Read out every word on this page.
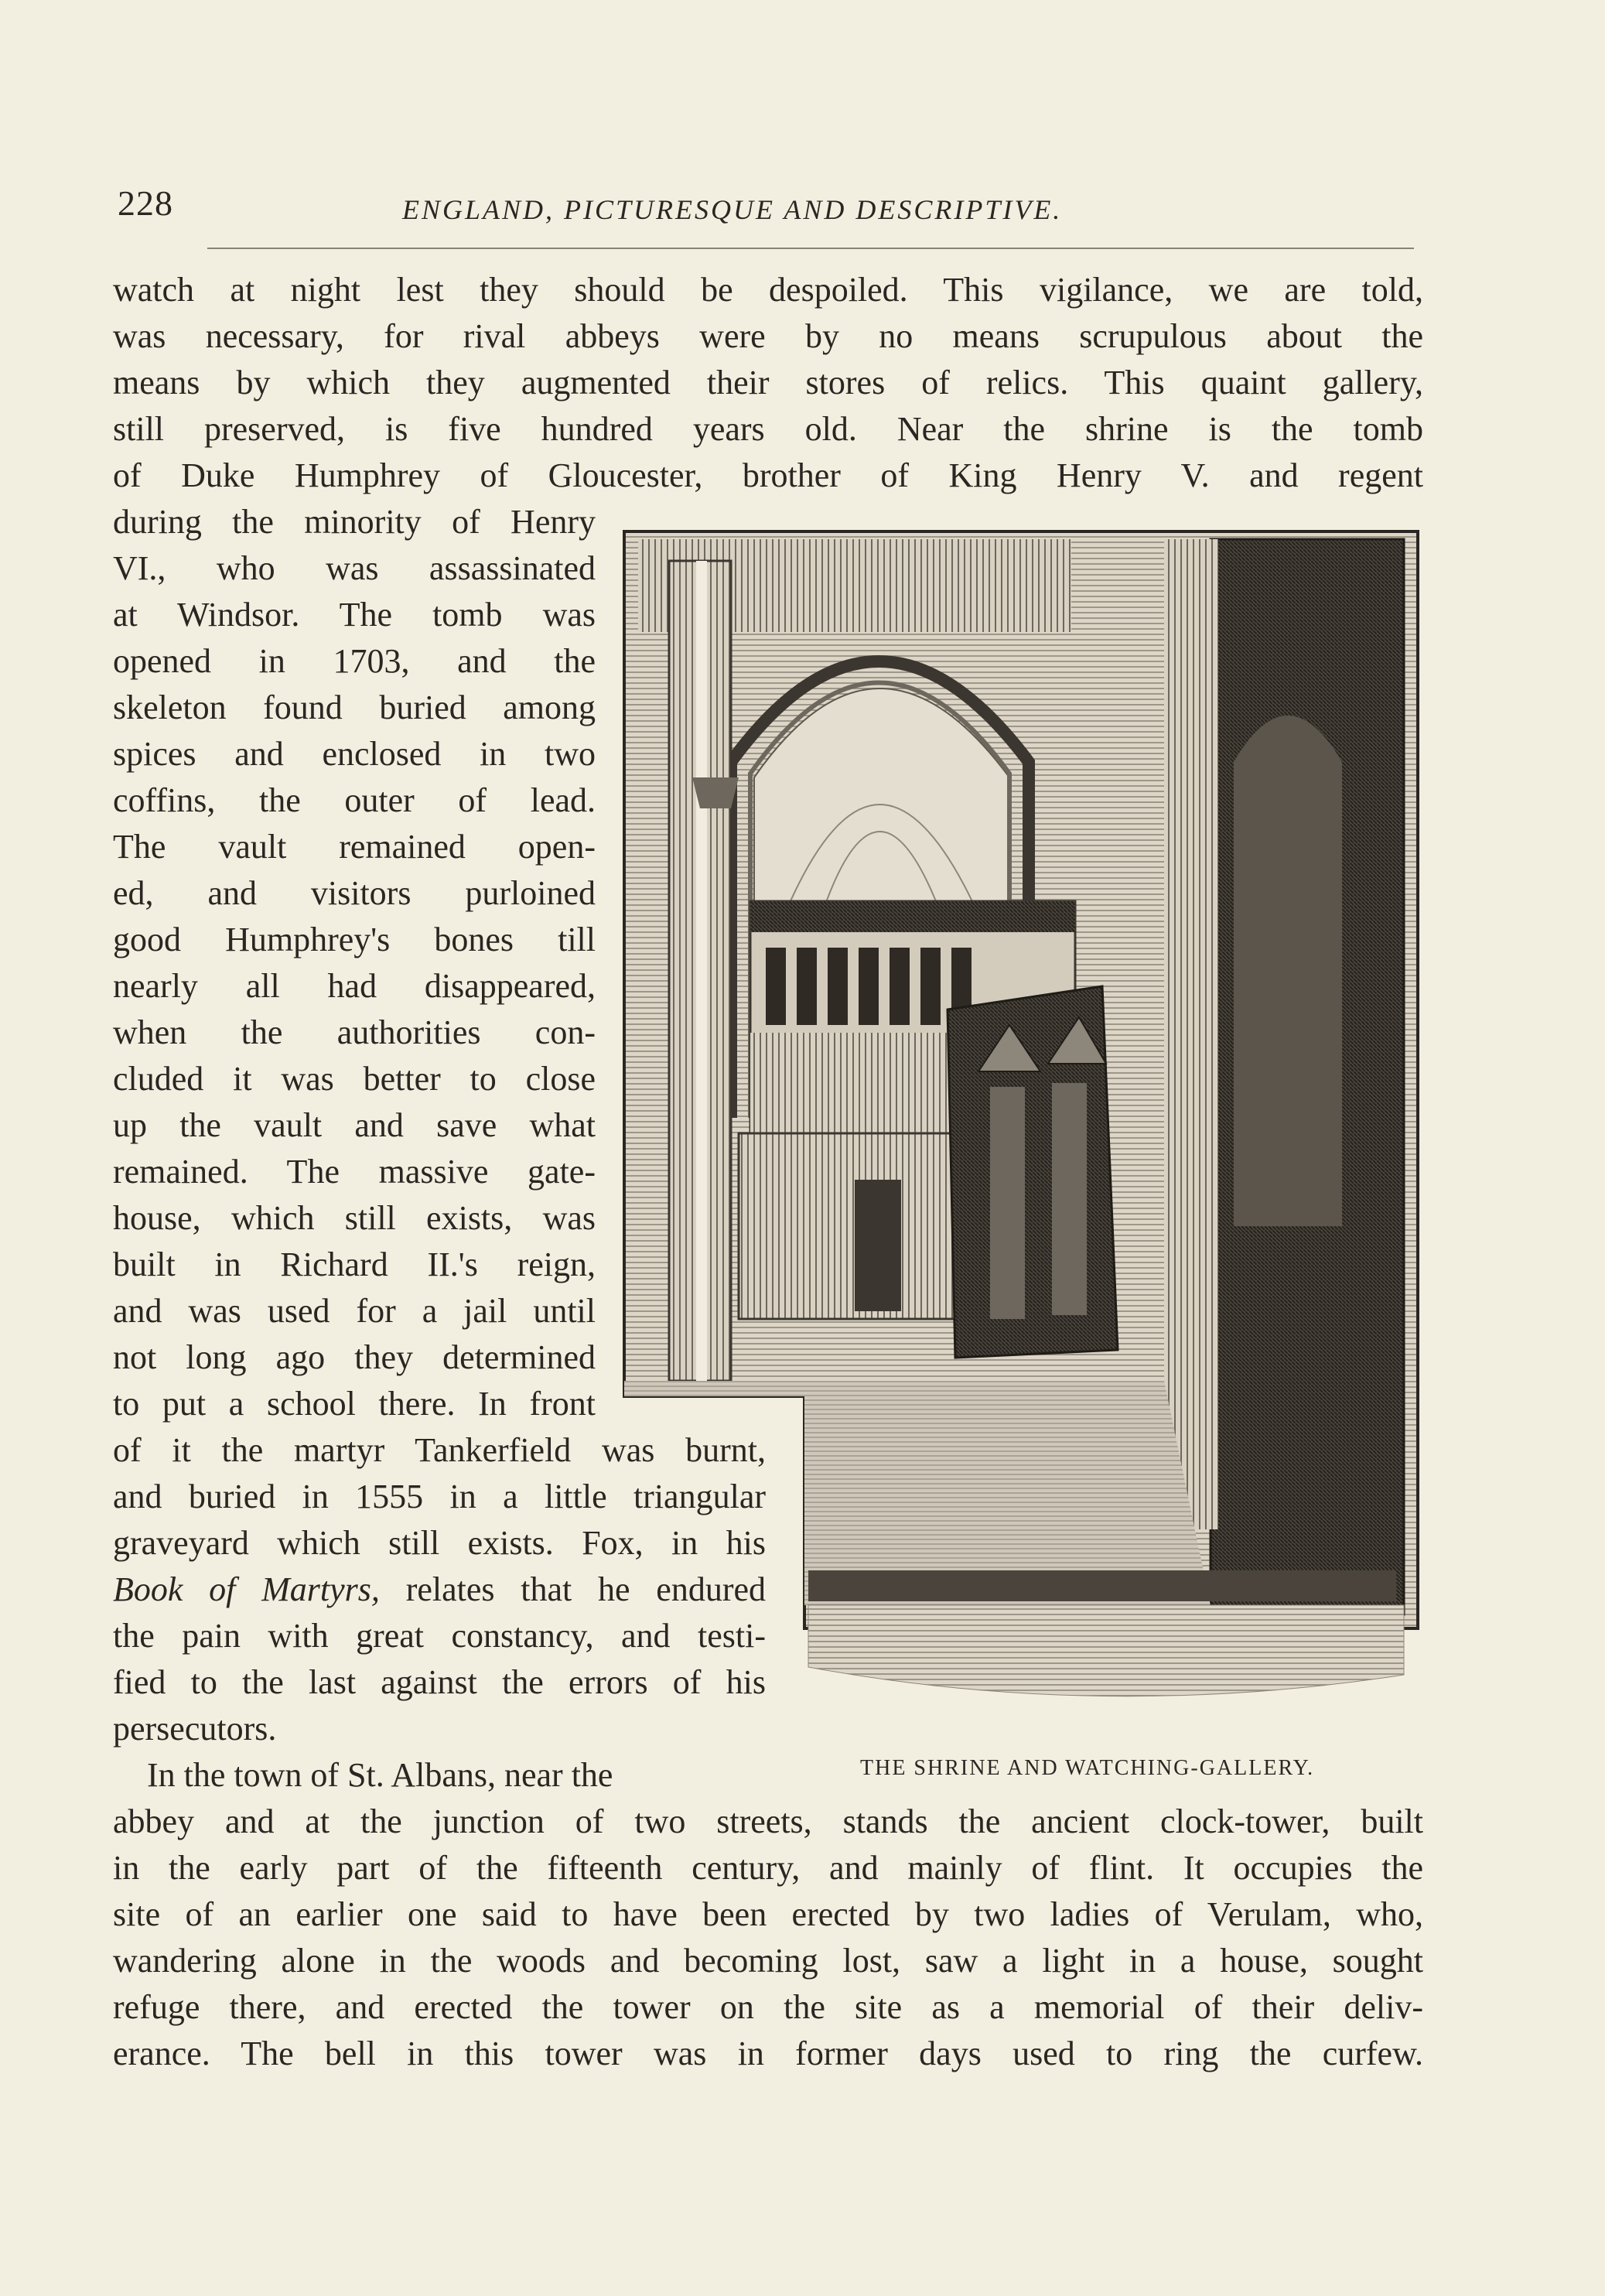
228	ENGLAND, PICTURESQUE AND DESCRIPTIVE.
watch at night lest they should be despoiled. This vigilance, we are told,
was necessary, for rival abbeys were by no means scrupulous about the
means by which they augmented their stores of relics. This quaint gallery,
still preserved, is five hundred years old. Near the shrine is the tomb
of Duke Humphrey of Gloucester, brother of King Henry V. and regent
during the minority of Henry
VI., who was assassinated
at Windsor. The tomb was
opened in 1703, and the
skeleton found buried among
spices and enclosed in two
coffins, the outer of lead.
The vault remained open-
ed, and visitors purloined
good Humphrey's bones till
nearly all had disappeared,
when the authorities con-
cluded it was better to close
up the vault and save what
remained. The massive gate-
house, which still exists, was
built in Richard II.'s reign,
and was used for a jail until
not long ago they determined
to put a school there. In front
of it the martyr Tankerfield was burnt,
and buried in 1555 in a little triangular
graveyard which still exists. Fox, in his
Book of Martyrs, relates that he endured
the pain with great constancy, and testi-
fied to the last against the errors of his
persecutors.
In the town of St. Albans, near the
abbey and at the junction of two streets, stands the ancient clock-tower, built
in the early part of the fifteenth century, and mainly of flint. It occupies the
site of an earlier one said to have been erected by two ladies of Verulam, who,
wandering alone in the woods and becoming lost, saw a light in a house, sought
refuge there, and erected the tower on the site as a memorial of their deliv-
erance. The bell in this tower was in former days used to ring the curfew.
THE SHRINE AND WATCHING-GALLERY.
